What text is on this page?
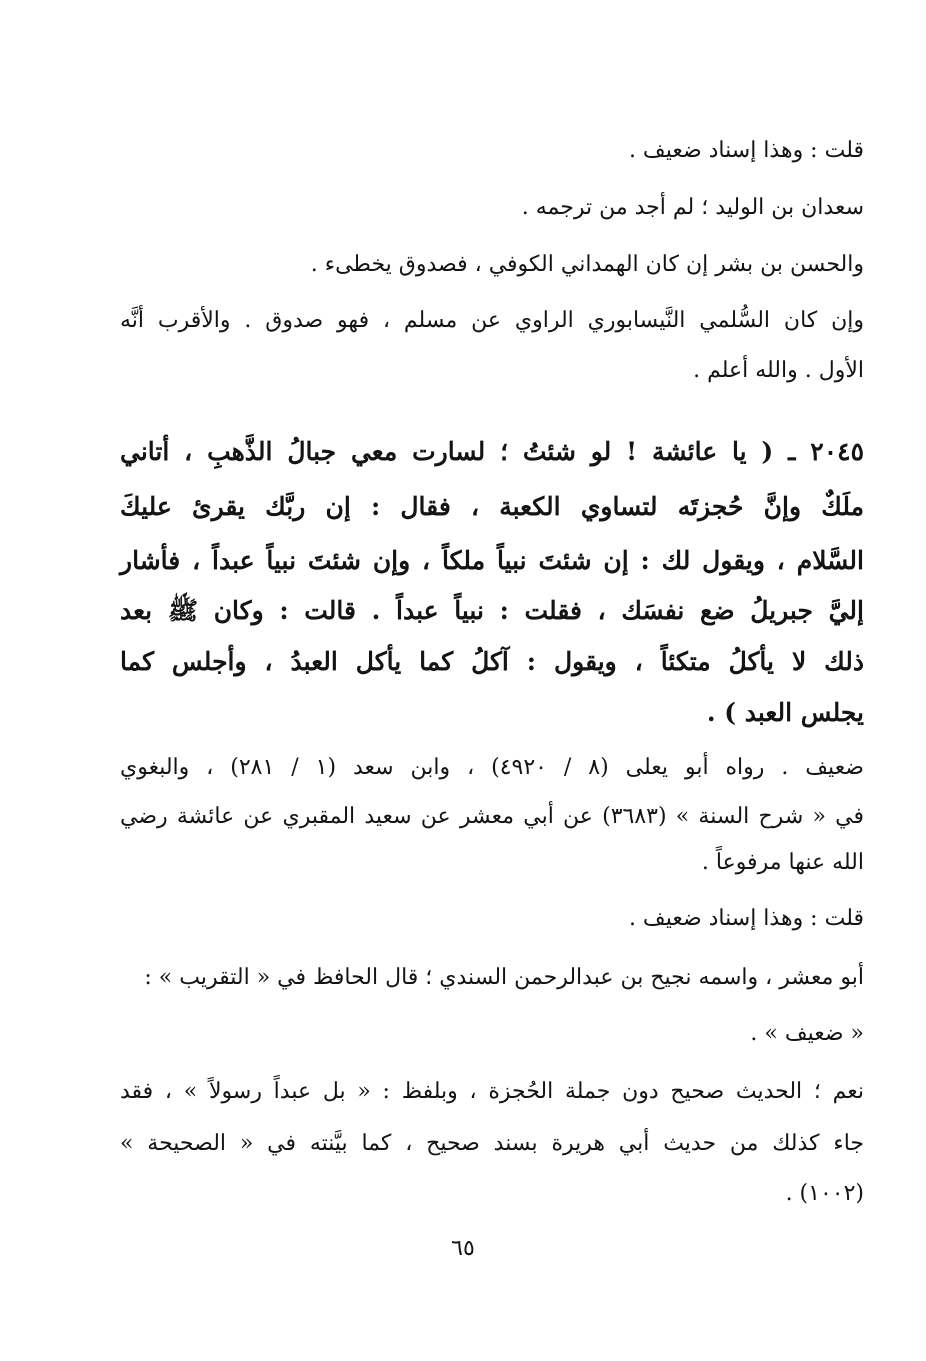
قلت : وهذا إسناد ضعيف .
سعدان بن الوليد ؛ لم أجد من ترجمه .
والحسن بن بشر إن كان الهمداني الكوفي ، فصدوق يخطىء .
وإن كان السُّلمي النَّيسابوري الراوي عن مسلم ، فهو صدوق . والأقرب أنَّه
الأول . والله أعلم .
٢٠٤٥ ـ ( يا عائشة ! لو شئتُ ؛ لسارت معي جبالُ الذَّهبِ ، أتاني
ملَكٌ وإنَّ حُجزتَه لتساوي الكعبة ، فقال : إن ربَّك يقرئ عليكَ
السَّلام ، ويقول لك : إن شئتَ نبياً ملكاً ، وإن شئتَ نبياً عبداً ، فأشار
إليَّ جبريلُ ضع نفسَك ، فقلت : نبياً عبداً . قالت : وكان ﷺ بعد
ذلك لا يأكلُ متكئاً ، ويقول : آكلُ كما يأكل العبدُ ، وأجلس كما
يجلس العبد ) .
ضعيف . رواه أبو يعلى (٨ / ٤٩٢٠) ، وابن سعد (١ / ٢٨١) ، والبغوي
في « شرح السنة » (٣٦٨٣) عن أبي معشر عن سعيد المقبري عن عائشة رضي
الله عنها مرفوعاً .
قلت : وهذا إسناد ضعيف .
أبو معشر ، واسمه نجيح بن عبدالرحمن السندي ؛ قال الحافظ في « التقريب » :
« ضعيف » .
نعم ؛ الحديث صحيح دون جملة الحُجزة ، وبلفظ : « بل عبداً رسولاً » ، فقد
جاء كذلك من حديث أبي هريرة بسند صحيح ، كما بيَّنته في « الصحيحة »
(١٠٠٢) .
٦٥
